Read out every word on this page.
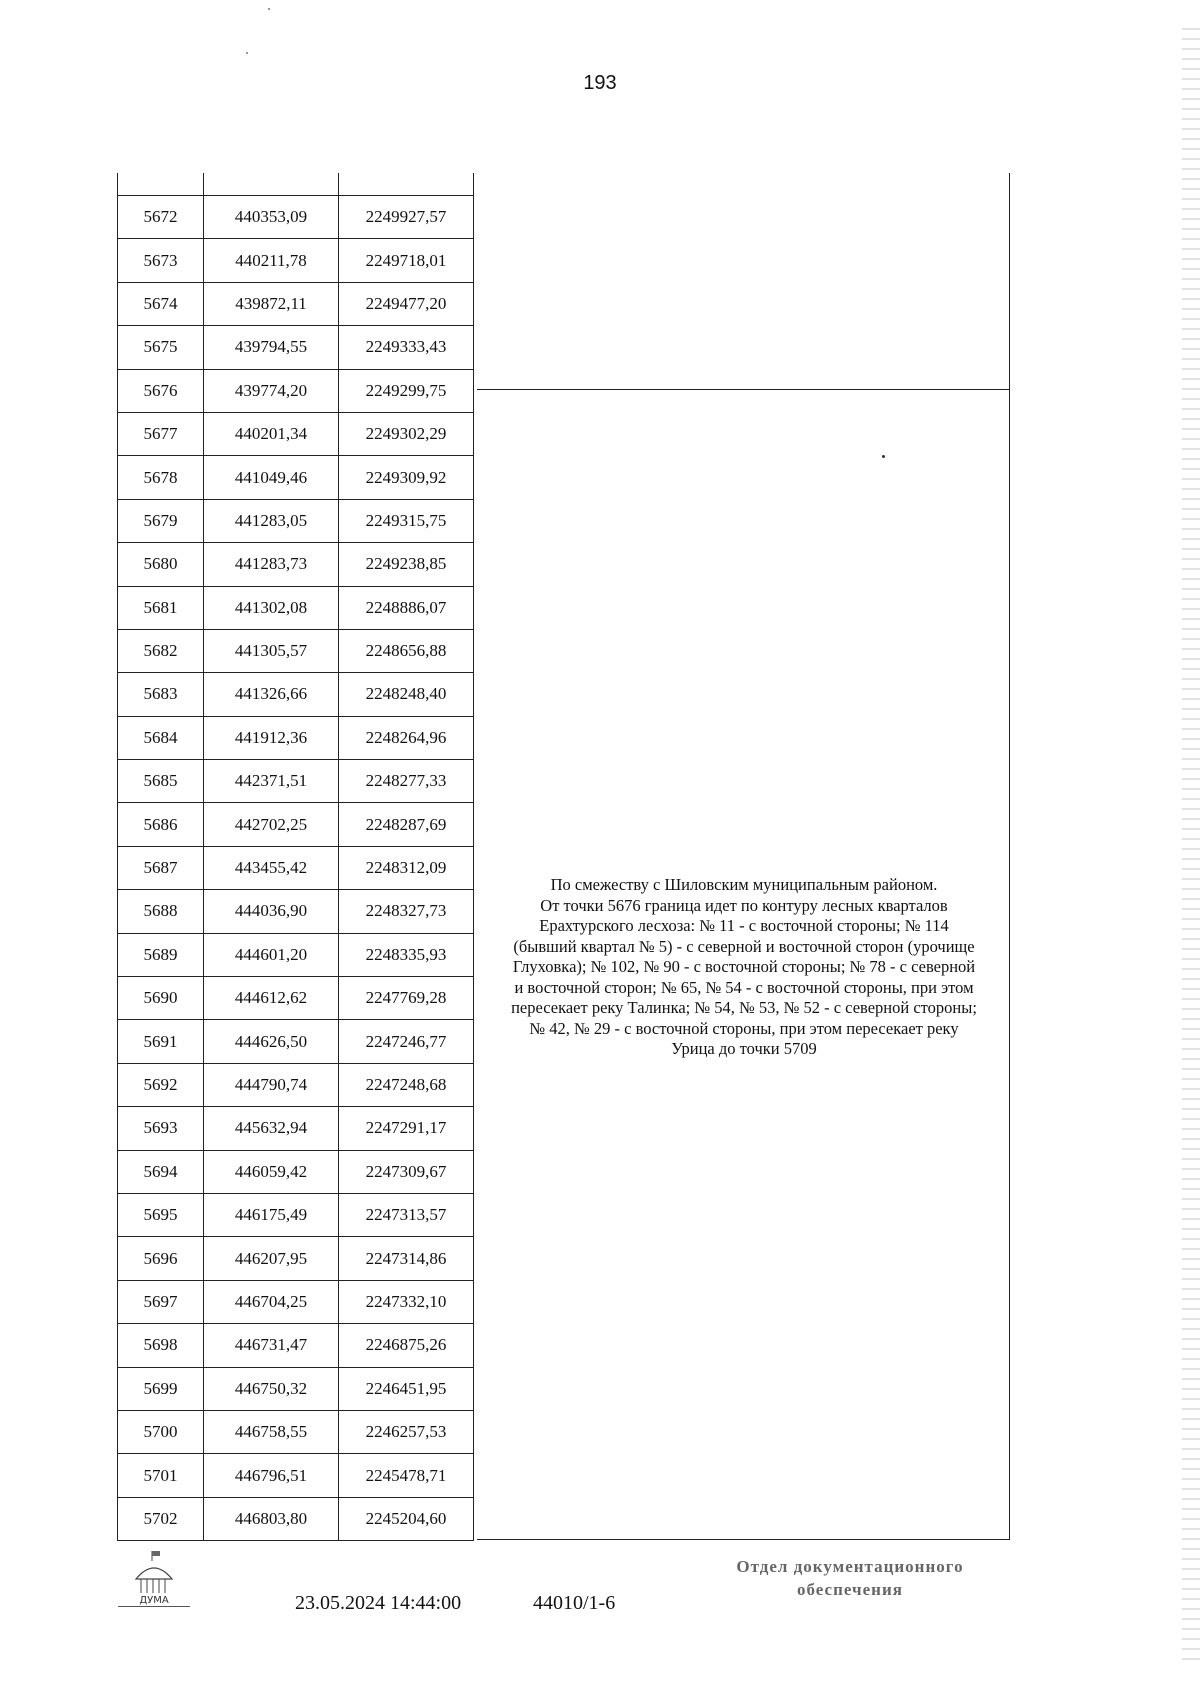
193

5672	440353,09	2249927,57
5673	440211,78	2249718,01
5674	439872,11	2249477,20
5675	439794,55	2249333,43
5676	439774,20	2249299,75
5677	440201,34	2249302,29
5678	441049,46	2249309,92
5679	441283,05	2249315,75
5680	441283,73	2249238,85
5681	441302,08	2248886,07
5682	441305,57	2248656,88
5683	441326,66	2248248,40
5684	441912,36	2248264,96
5685	442371,51	2248277,33
5686	442702,25	2248287,69
5687	443455,42	2248312,09
5688	444036,90	2248327,73
5689	444601,20	2248335,93
5690	444612,62	2247769,28
5691	444626,50	2247246,77
5692	444790,74	2247248,68
5693	445632,94	2247291,17
5694	446059,42	2247309,67
5695	446175,49	2247313,57
5696	446207,95	2247314,86
5697	446704,25	2247332,10
5698	446731,47	2246875,26
5699	446750,32	2246451,95
5700	446758,55	2246257,53
5701	446796,51	2245478,71
5702	446803,80	2245204,60
По смежеству с Шиловским муниципальным районом.
От точки 5676 граница идет по контуру лесных кварталов
Ерахтурского лесхоза: № 11 - с восточной стороны; № 114
(бывший квартал № 5) - с северной и восточной сторон (урочище
Глуховка); № 102, № 90 - с восточной стороны; № 78 - с северной
и восточной сторон; № 65, № 54 - с восточной стороны, при этом
пересекает реку Талинка; № 54, № 53, № 52 - с северной стороны;
№ 42, № 29 - с восточной стороны, при этом пересекает реку
Урица до точки 5709
ДУМА	23.05.2024 14:44:00	44010/1-6
Отдел документационного
обеспечения
